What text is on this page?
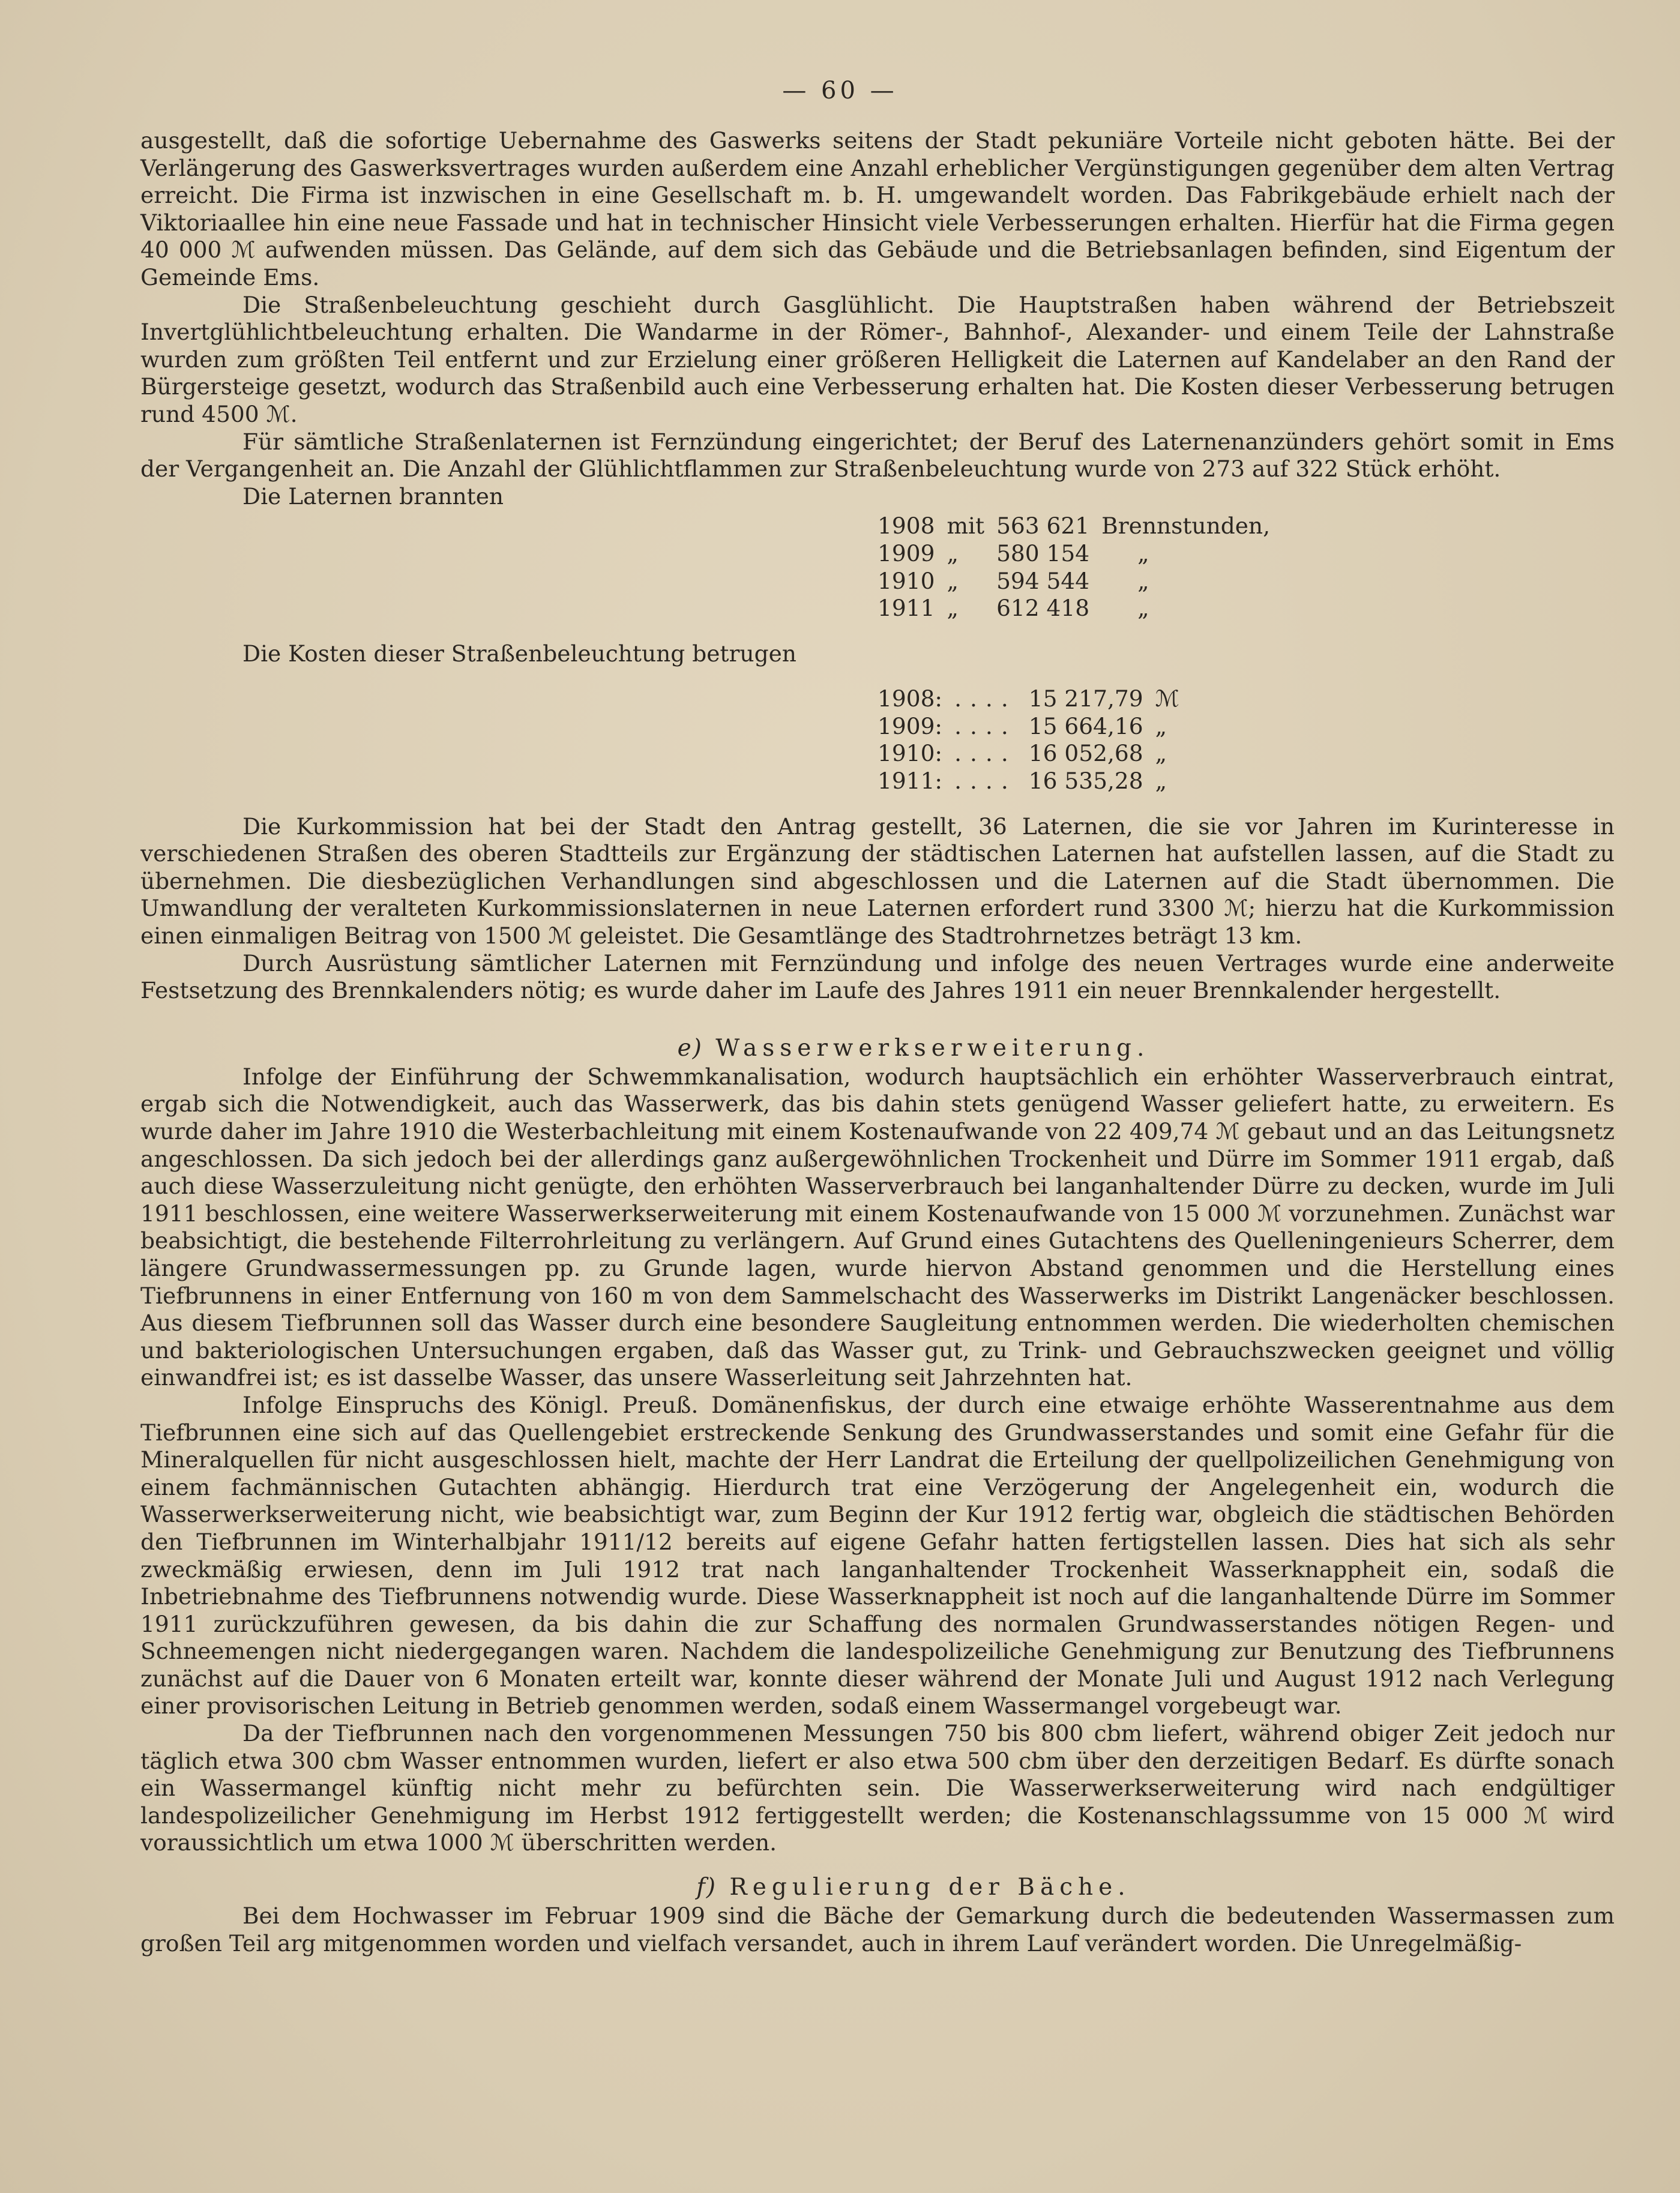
— 60 —

ausgestellt, daß die sofortige Uebernahme des Gaswerks seitens der Stadt pekuniäre Vorteile nicht geboten hätte. Bei der Verlängerung des Gaswerksvertrages wurden außerdem eine Anzahl erheblicher Vergünstigungen gegenüber dem alten Vertrag erreicht. Die Firma ist inzwischen in eine Gesellschaft m. b. H. umgewandelt worden. Das Fabrikgebäude erhielt nach der Viktoriaallee hin eine neue Fassade und hat in technischer Hinsicht viele Verbesserungen erhalten. Hierfür hat die Firma gegen 40 000 ℳ aufwenden müssen. Das Gelände, auf dem sich das Gebäude und die Betriebsanlagen befinden, sind Eigentum der Gemeinde Ems.

Die Straßenbeleuchtung geschieht durch Gasglühlicht. Die Hauptstraßen haben während der Betriebszeit Invertglühlichtbeleuchtung erhalten. Die Wandarme in der Römer-, Bahnhof-, Alexander- und einem Teile der Lahnstraße wurden zum größten Teil entfernt und zur Erzielung einer größeren Helligkeit die Laternen auf Kandelaber an den Rand der Bürgersteige gesetzt, wodurch das Straßenbild auch eine Verbesserung erhalten hat. Die Kosten dieser Verbesserung betrugen rund 4500 ℳ.

Für sämtliche Straßenlaternen ist Fernzündung eingerichtet; der Beruf des Laternenanzünders gehört somit in Ems der Vergangenheit an. Die Anzahl der Glühlichtflammen zur Straßenbeleuchtung wurde von 273 auf 322 Stück erhöht.

Die Laternen brannten

1908	mit	563 621	Brennstunden,
1909	„	580 154	„
1910	„	594 544	„
1911	„	612 418	„

Die Kosten dieser Straßenbeleuchtung betrugen

1908:	....	15 217,79	ℳ
1909:	....	15 664,16	„
1910:	....	16 052,68	„
1911:	....	16 535,28	„

Die Kurkommission hat bei der Stadt den Antrag gestellt, 36 Laternen, die sie vor Jahren im Kurinteresse in verschiedenen Straßen des oberen Stadtteils zur Ergänzung der städtischen Laternen hat aufstellen lassen, auf die Stadt zu übernehmen. Die diesbezüglichen Verhandlungen sind abgeschlossen und die Laternen auf die Stadt übernommen. Die Umwandlung der veralteten Kurkommissionslaternen in neue Laternen erfordert rund 3300 ℳ; hierzu hat die Kurkommission einen einmaligen Beitrag von 1500 ℳ geleistet. Die Gesamtlänge des Stadtrohrnetzes beträgt 13 km.

Durch Ausrüstung sämtlicher Laternen mit Fernzündung und infolge des neuen Vertrages wurde eine anderweite Festsetzung des Brennkalenders nötig; es wurde daher im Laufe des Jahres 1911 ein neuer Brennkalender hergestellt.

e) Wasserwerkserweiterung.

Infolge der Einführung der Schwemmkanalisation, wodurch hauptsächlich ein erhöhter Wasserverbrauch eintrat, ergab sich die Notwendigkeit, auch das Wasserwerk, das bis dahin stets genügend Wasser geliefert hatte, zu erweitern. Es wurde daher im Jahre 1910 die Westerbachleitung mit einem Kostenaufwande von 22 409,74 ℳ gebaut und an das Leitungsnetz angeschlossen. Da sich jedoch bei der allerdings ganz außergewöhnlichen Trockenheit und Dürre im Sommer 1911 ergab, daß auch diese Wasserzuleitung nicht genügte, den erhöhten Wasserverbrauch bei langanhaltender Dürre zu decken, wurde im Juli 1911 beschlossen, eine weitere Wasserwerkserweiterung mit einem Kostenaufwande von 15 000 ℳ vorzunehmen. Zunächst war beabsichtigt, die bestehende Filterrohrleitung zu verlängern. Auf Grund eines Gutachtens des Quelleningenieurs Scherrer, dem längere Grundwassermessungen pp. zu Grunde lagen, wurde hiervon Abstand genommen und die Herstellung eines Tiefbrunnens in einer Entfernung von 160 m von dem Sammelschacht des Wasserwerks im Distrikt Langenäcker beschlossen. Aus diesem Tiefbrunnen soll das Wasser durch eine besondere Saugleitung entnommen werden. Die wiederholten chemischen und bakteriologischen Untersuchungen ergaben, daß das Wasser gut, zu Trink- und Gebrauchszwecken geeignet und völlig einwandfrei ist; es ist dasselbe Wasser, das unsere Wasserleitung seit Jahrzehnten hat.

Infolge Einspruchs des Königl. Preuß. Domänenfiskus, der durch eine etwaige erhöhte Wasserentnahme aus dem Tiefbrunnen eine sich auf das Quellengebiet erstreckende Senkung des Grundwasserstandes und somit eine Gefahr für die Mineralquellen für nicht ausgeschlossen hielt, machte der Herr Landrat die Erteilung der quellpolizeilichen Genehmigung von einem fachmännischen Gutachten abhängig. Hierdurch trat eine Verzögerung der Angelegenheit ein, wodurch die Wasserwerkserweiterung nicht, wie beabsichtigt war, zum Beginn der Kur 1912 fertig war, obgleich die städtischen Behörden den Tiefbrunnen im Winterhalbjahr 1911/12 bereits auf eigene Gefahr hatten fertigstellen lassen. Dies hat sich als sehr zweckmäßig erwiesen, denn im Juli 1912 trat nach langanhaltender Trockenheit Wasserknappheit ein, sodaß die Inbetriebnahme des Tiefbrunnens notwendig wurde. Diese Wasserknappheit ist noch auf die langanhaltende Dürre im Sommer 1911 zurückzuführen gewesen, da bis dahin die zur Schaffung des normalen Grundwasserstandes nötigen Regen- und Schneemengen nicht niedergegangen waren. Nachdem die landespolizeiliche Genehmigung zur Benutzung des Tiefbrunnens zunächst auf die Dauer von 6 Monaten erteilt war, konnte dieser während der Monate Juli und August 1912 nach Verlegung einer provisorischen Leitung in Betrieb genommen werden, sodaß einem Wassermangel vorgebeugt war.

Da der Tiefbrunnen nach den vorgenommenen Messungen 750 bis 800 cbm liefert, während obiger Zeit jedoch nur täglich etwa 300 cbm Wasser entnommen wurden, liefert er also etwa 500 cbm über den derzeitigen Bedarf. Es dürfte sonach ein Wassermangel künftig nicht mehr zu befürchten sein. Die Wasserwerkserweiterung wird nach endgültiger landespolizeilicher Genehmigung im Herbst 1912 fertiggestellt werden; die Kostenanschlagssumme von 15 000 ℳ wird voraussichtlich um etwa 1000 ℳ überschritten werden.

f) Regulierung der Bäche.

Bei dem Hochwasser im Februar 1909 sind die Bäche der Gemarkung durch die bedeutenden Wassermassen zum großen Teil arg mitgenommen worden und vielfach versandet, auch in ihrem Lauf verändert worden. Die Unregelmäßig-
